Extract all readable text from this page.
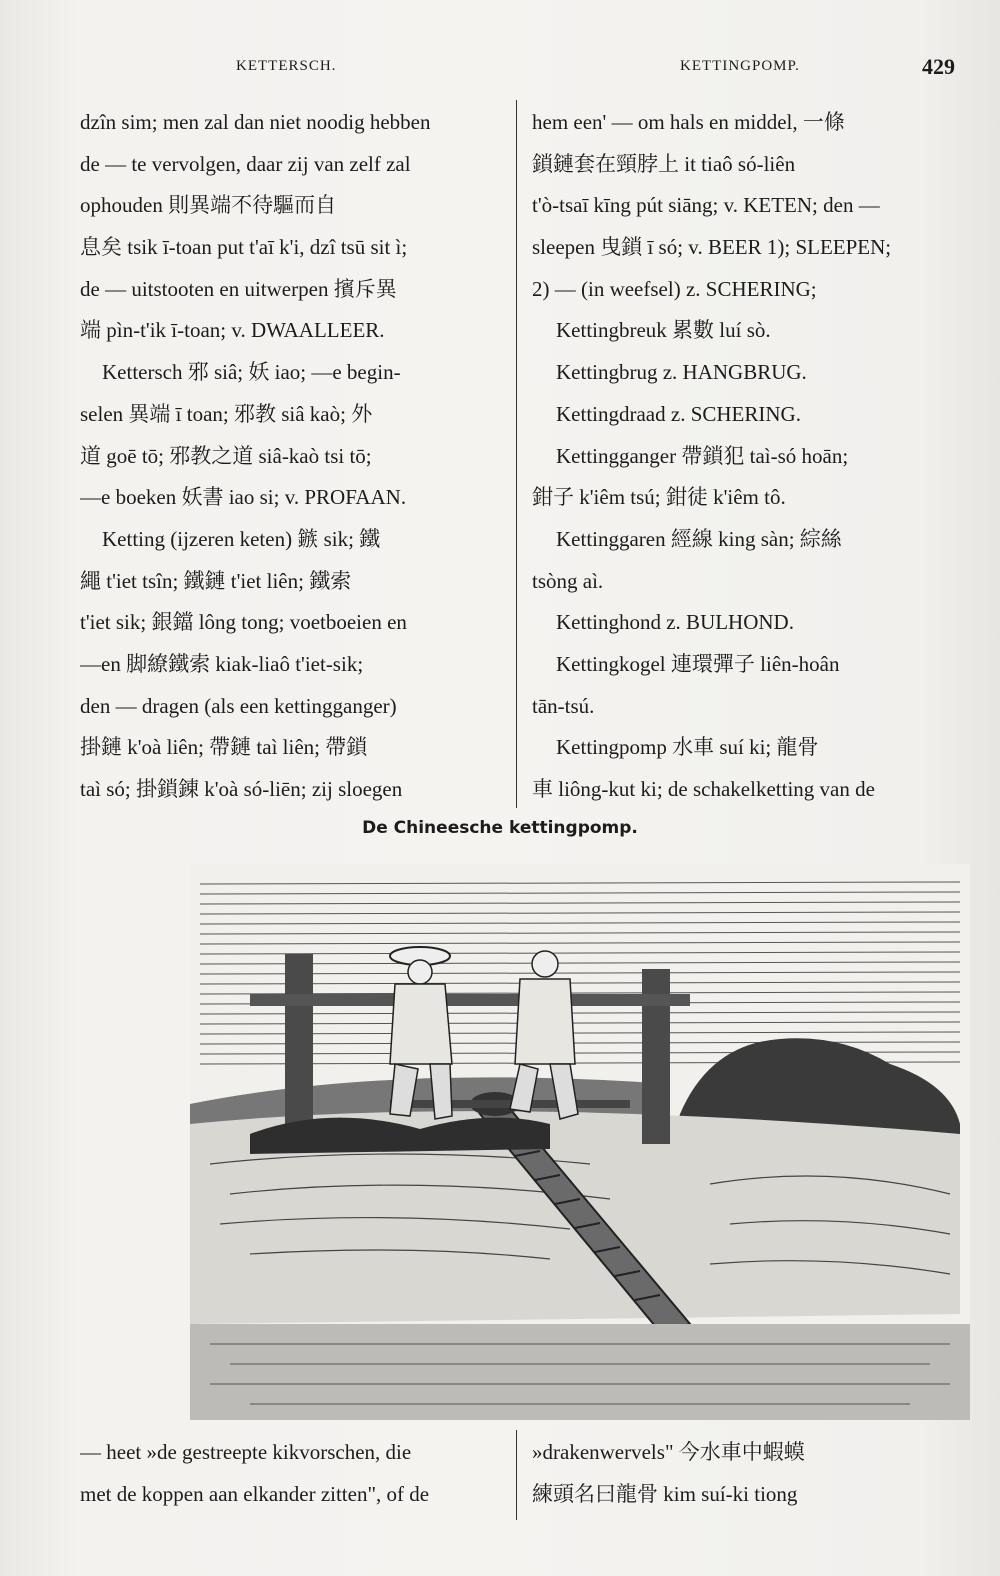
KETTERSCH.	KETTINGPOMP.	429
dzîn sim; men zal dan niet noodig hebben
de — te vervolgen, daar zij van zelf zal
ophouden 則異端不待驅而自
息矣 tsik ī-toan put t'aī k'i, dzî tsū sit ì;
de — uitstooten en uitwerpen 擯斥異
端 pìn-t'ik ī-toan; v. DWAALLEER.
Kettersch 邪 siâ; 妖 iao; —e begin-
selen 異端 ī toan; 邪教 siâ kaò; 外
道 goē tō; 邪教之道 siâ-kaò tsi tō;
—e boeken 妖書 iao si; v. PROFAAN.
Ketting (ijzeren keten) 鏃 sik; 鐵
繩 t'iet tsîn; 鐵鏈 t'iet liên; 鐵索
t'iet sik; 銀鐺 lông tong; voetboeien en
—en 脚繚鐵索 kiak-liaô t'iet-sik;
den — dragen (als een kettingganger)
掛鏈 k'oà liên; 帶鏈 taì liên; 帶鎖
taì só; 掛鎖錬 k'oà só-liēn; zij sloegen
hem een' — om hals en middel, 一條
鎖鏈套在頸脖上 it tiaô só-liên
t'ò-tsaī kīng pút siāng; v. KETEN; den —
sleepen 曳鎖 ī só; v. BEER 1); SLEEPEN;
2) — (in weefsel) z. SCHERING;
Kettingbreuk 累數 luí sò.
Kettingbrug z. HANGBRUG.
Kettingdraad z. SCHERING.
Kettingganger 帶鎖犯 taì-só hoān;
鉗子 k'iêm tsú; 鉗徒 k'iêm tô.
Kettinggaren 經線 king sàn; 綜絲
tsòng aì.
Kettinghond z. BULHOND.
Kettingkogel 連環彈子 liên-hoân
tān-tsú.
Kettingpomp 水車 suí ki; 龍骨
車 liông-kut ki; de schakelketting van de
De Chineesche kettingpomp.
— heet »de gestreepte kikvorschen, die
met de koppen aan elkander zitten", of de
»drakenwervels" 今水車中蝦蟆
練頭名曰龍骨 kim suí-ki tiong
